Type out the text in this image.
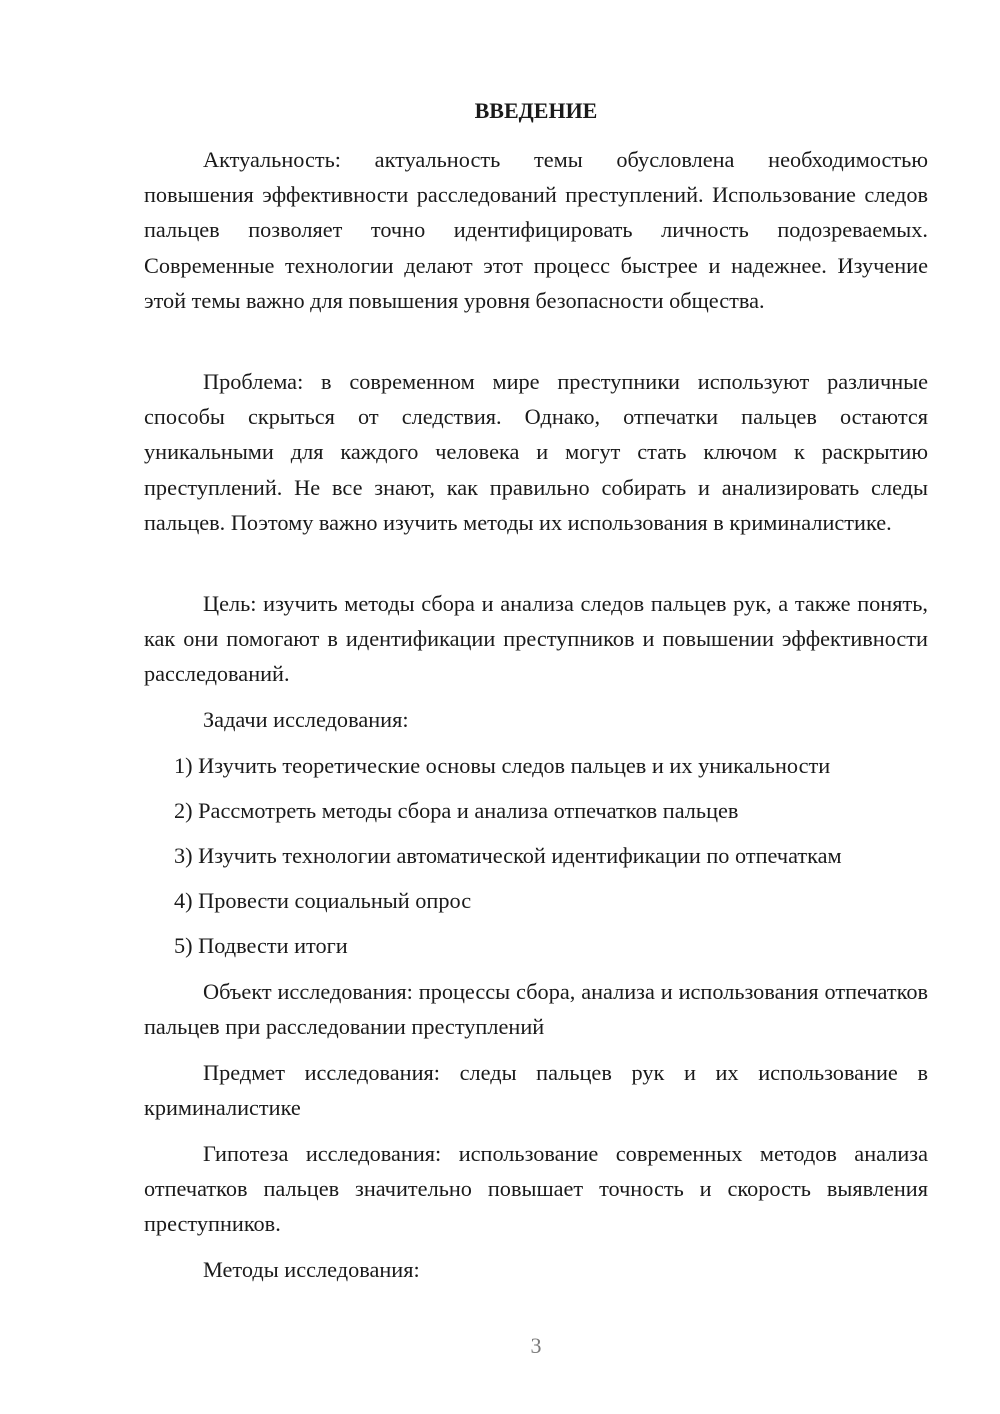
ВВЕДЕНИЕ

Актуальность: актуальность темы обусловлена необходимостью повышения эффективности расследований преступлений. Использование следов пальцев позволяет точно идентифицировать личность подозреваемых. Современные технологии делают этот процесс быстрее и надежнее. Изучение этой темы важно для повышения уровня безопасности общества.

Проблема: в современном мире преступники используют различные способы скрыться от следствия. Однако, отпечатки пальцев остаются уникальными для каждого человека и могут стать ключом к раскрытию преступлений. Не все знают, как правильно собирать и анализировать следы пальцев. Поэтому важно изучить методы их использования в криминалистике.

Цель: изучить методы сбора и анализа следов пальцев рук, а также понять, как они помогают в идентификации преступников и повышении эффективности расследований.

Задачи исследования:

1) Изучить теоретические основы следов пальцев и их уникальности

2) Рассмотреть методы сбора и анализа отпечатков пальцев

3) Изучить технологии автоматической идентификации по отпечаткам

4) Провести социальный опрос

5) Подвести итоги

Объект исследования: процессы сбора, анализа и использования отпечатков пальцев при расследовании преступлений

Предмет исследования: следы пальцев рук и их использование в криминалистике

Гипотеза исследования: использование современных методов анализа отпечатков пальцев значительно повышает точность и скорость выявления преступников.

Методы исследования:

3
